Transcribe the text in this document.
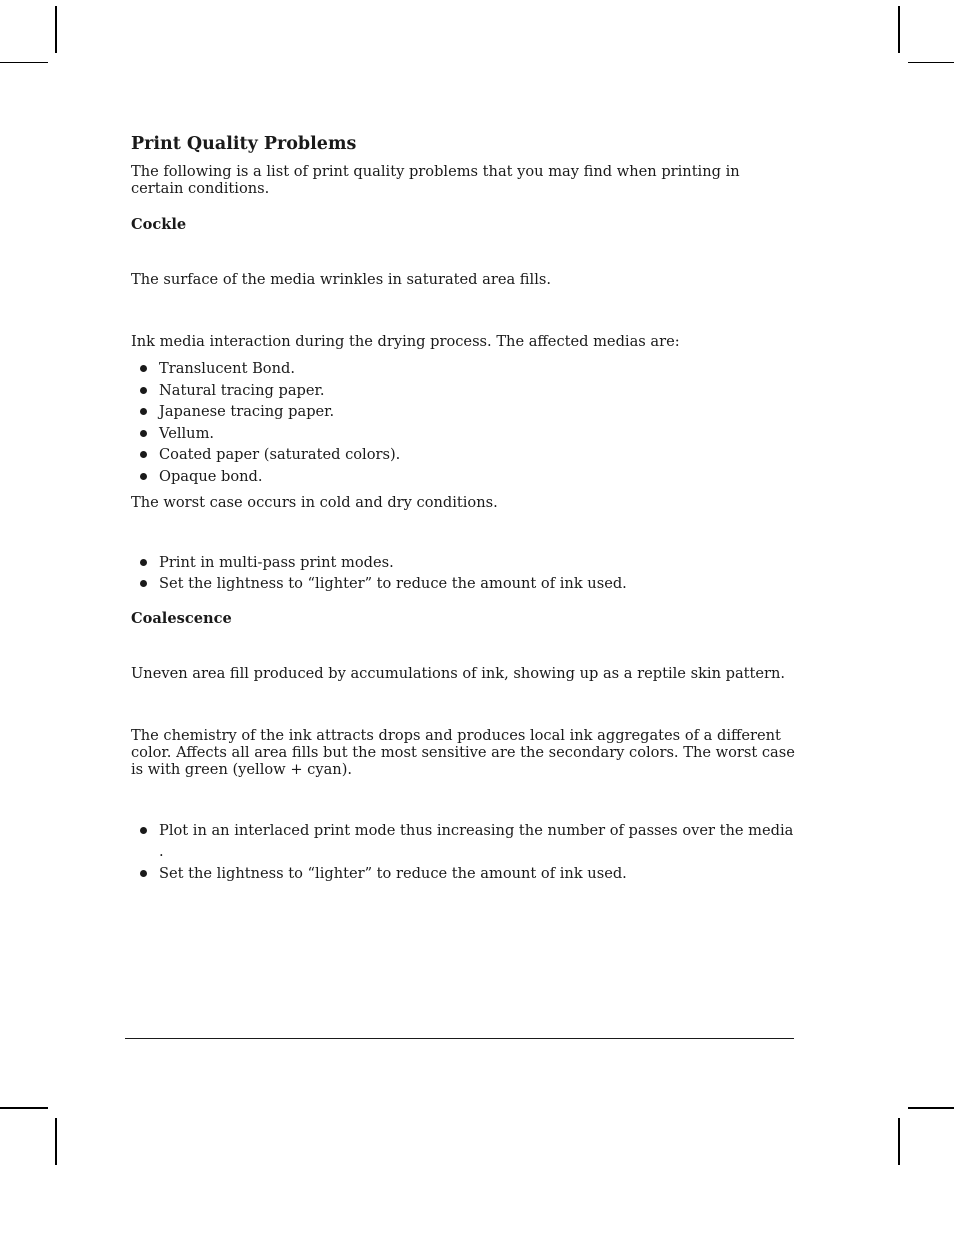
Print Quality Problems

The following is a list of print quality problems that you may find when printing in certain conditions.

Cockle

The surface of the media wrinkles in saturated area fills.

Ink media interaction during the drying process. The affected medias are:

Translucent Bond.
Natural tracing paper.
Japanese tracing paper.
Vellum.
Coated paper (saturated colors).
Opaque bond.

The worst case occurs in cold and dry conditions.

Print in multi-pass print modes.
Set the lightness to “lighter” to reduce the amount of ink used.

Coalescence

Uneven area fill produced by accumulations of ink, showing up as a reptile skin pattern.

The chemistry of the ink attracts drops and produces local ink aggregates of a different color. Affects all area fills but the most sensitive are the secondary colors. The worst case is with green (yellow + cyan).

Plot in an interlaced print mode thus increasing the number of passes over the media .
Set the lightness to “lighter” to reduce the amount of ink used.
